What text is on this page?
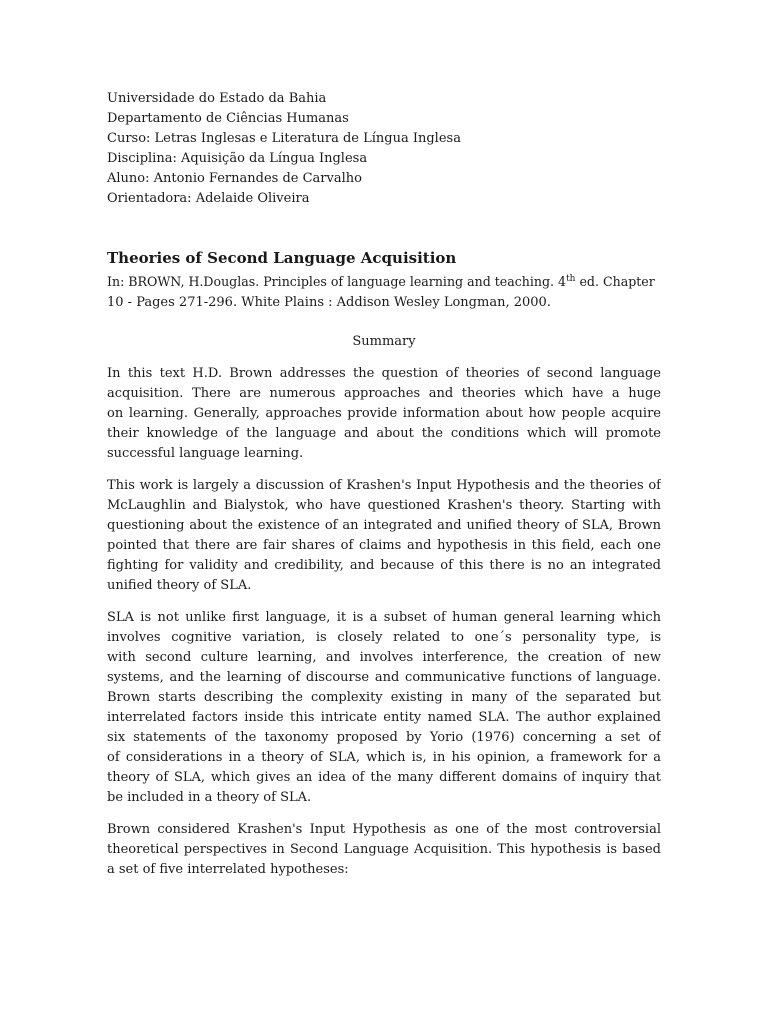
Universidade do Estado da Bahia
Departamento de Ciências Humanas
Curso: Letras Inglesas e Literatura de Língua Inglesa
Disciplina: Aquisição da Língua Inglesa
Aluno: Antonio Fernandes de Carvalho
Orientadora: Adelaide Oliveira
Theories of Second Language Acquisition
In: BROWN, H.Douglas. Principles of language learning and teaching. 4th ed. Chapter
10 - Pages 271-296. White Plains : Addison Wesley Longman, 2000.
Summary
In this text H.D. Brown addresses the question of theories of second language
acquisition. There are numerous approaches and theories which have a huge
on learning. Generally, approaches provide information about how people acquire
their knowledge of the language and about the conditions which will promote
successful language learning.
This work is largely a discussion of Krashen's Input Hypothesis and the theories of
McLaughlin and Bialystok, who have questioned Krashen's theory. Starting with
questioning about the existence of an integrated and unified theory of SLA, Brown
pointed that there are fair shares of claims and hypothesis in this field, each one
fighting for validity and credibility, and because of this there is no an integrated
unified theory of SLA.
SLA is not unlike first language, it is a subset of human general learning which
involves cognitive variation, is closely related to one´s personality type, is
with second culture learning, and involves interference, the creation of new
systems, and the learning of discourse and communicative functions of language.
Brown starts describing the complexity existing in many of the separated but
interrelated factors inside this intricate entity named SLA. The author explained
six statements of the taxonomy proposed by Yorio (1976) concerning a set of
of considerations in a theory of SLA, which is, in his opinion, a framework for a
theory of SLA, which gives an idea of the many different domains of inquiry that
be included in a theory of SLA.
Brown considered Krashen's Input Hypothesis as one of the most controversial
theoretical perspectives in Second Language Acquisition. This hypothesis is based
a set of five interrelated hypotheses:
